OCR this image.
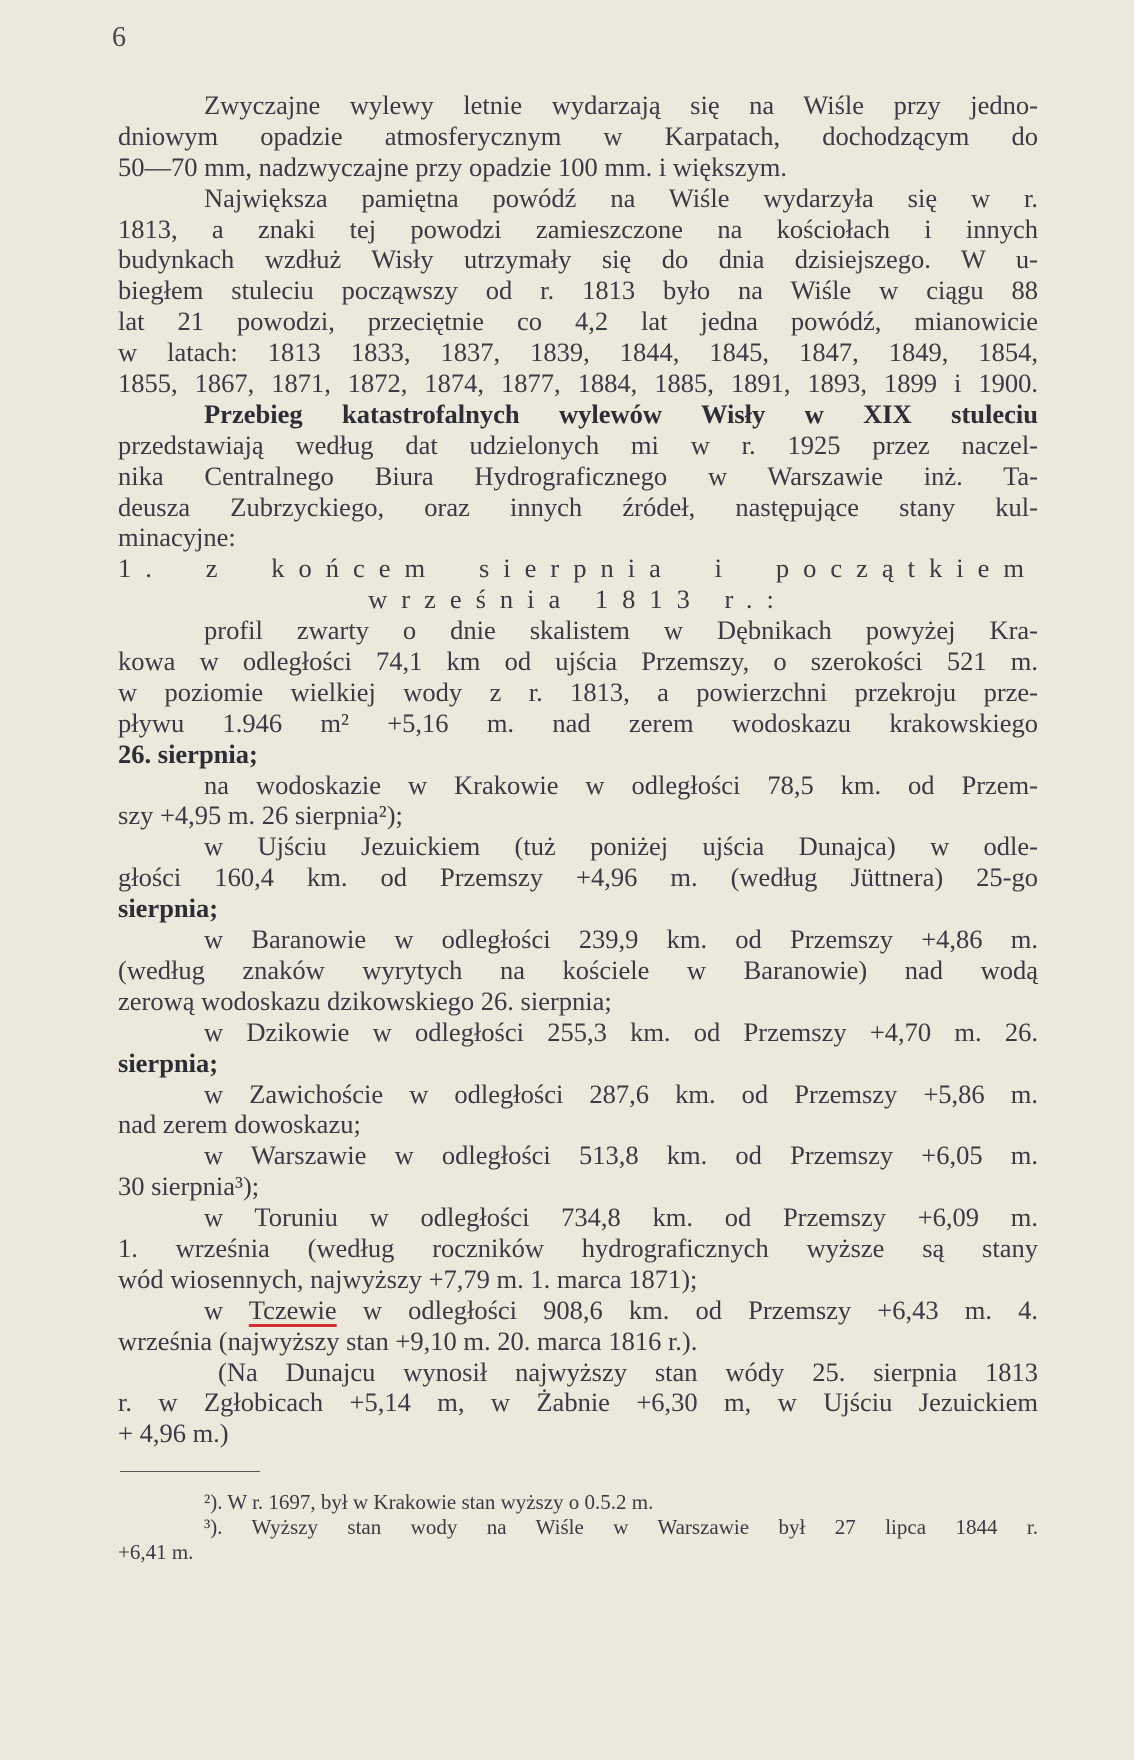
6
Zwyczajne wylewy letnie wydarzają się na Wiśle przy jedno-
dniowym opadzie atmosferycznym w Karpatach, dochodzącym do
50—70 mm, nadzwyczajne przy opadzie 100 mm. i większym.
Największa pamiętna powódź na Wiśle wydarzyła się w r.
1813, a znaki tej powodzi zamieszczone na kościołach i innych
budynkach wzdłuż Wisły utrzymały się do dnia dzisiejszego. W u-
biegłem stuleciu począwszy od r. 1813 było na Wiśle w ciągu 88
lat 21 powodzi, przeciętnie co 4,2 lat jedna powódź, mianowicie
w latach: 1813 1833, 1837, 1839, 1844, 1845, 1847, 1849, 1854,
1855, 1867, 1871, 1872, 1874, 1877, 1884, 1885, 1891, 1893, 1899 i 1900.
Przebieg katastrofalnych wylewów Wisły w XIX stuleciu
przedstawiają według dat udzielonych mi w r. 1925 przez naczel-
nika Centralnego Biura Hydrograficznego w Warszawie inż. Ta-
deusza Zubrzyckiego, oraz innych źródeł, następujące stany kul-
minacyjne:
1. z końcem sierpnia i początkiem
września 1813 r.:
profil zwarty o dnie skalistem w Dębnikach powyżej Kra-
kowa w odległości 74,1 km od ujścia Przemszy, o szerokości 521 m.
w poziomie wielkiej wody z r. 1813, a powierzchni przekroju prze-
pływu 1.946 m² +5,16 m. nad zerem wodoskazu krakowskiego
26. sierpnia;
na wodoskazie w Krakowie w odległości 78,5 km. od Przem-
szy +4,95 m. 26 sierpnia²);
w Ujściu Jezuickiem (tuż poniżej ujścia Dunajca) w odle-
głości 160,4 km. od Przemszy +4,96 m. (według Jüttnera) 25-go
sierpnia;
w Baranowie w odległości 239,9 km. od Przemszy +4,86 m.
(według znaków wyrytych na kościele w Baranowie) nad wodą
zerową wodoskazu dzikowskiego 26. sierpnia;
w Dzikowie w odległości 255,3 km. od Przemszy +4,70 m. 26.
sierpnia;
w Zawichoście w odległości 287,6 km. od Przemszy +5,86 m.
nad zerem dowoskazu;
w Warszawie w odległości 513,8 km. od Przemszy +6,05 m.
30 sierpnia³);
w Toruniu w odległości 734,8 km. od Przemszy +6,09 m.
1. września (według roczników hydrograficznych wyższe są stany
wód wiosennych, najwyższy +7,79 m. 1. marca 1871);
w Tczewie w odległości 908,6 km. od Przemszy +6,43 m. 4.
września (najwyższy stan +9,10 m. 20. marca 1816 r.).
(Na Dunajcu wynosił najwyższy stan wódy 25. sierpnia 1813
r. w Zgłobicach +5,14 m, w Żabnie +6,30 m, w Ujściu Jezuickiem
+ 4,96 m.)
²). W r. 1697, był w Krakowie stan wyższy o 0.5.2 m.
³). Wyższy stan wody na Wiśle w Warszawie był 27 lipca 1844 r.
+6,41 m.
